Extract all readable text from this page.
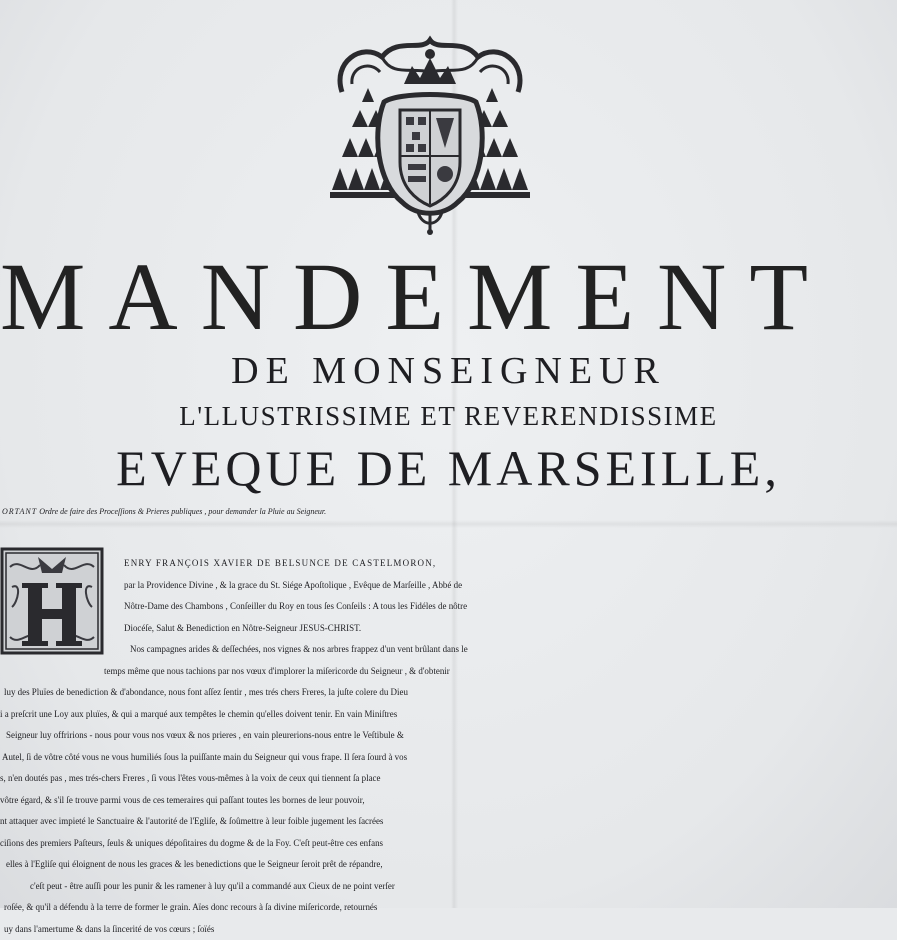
MANDEMENT
DE MONSEIGNEUR
L'LLUSTRISSIME ET REVERENDISSIME
EVEQUE DE MARSEILLE,
ORTANT Ordre de faire des Proceſſions & Prieres publiques , pour demander la Pluie au Seigneur.
ENRY FRANÇOIS XAVIER DE BELSUNCE DE CASTELMORON,
par la Providence Divine , & la grace du St. Siége Apoſtolique , Evêque de Marſeille , Abbé de
Nôtre-Dame des Chambons , Conſeiller du Roy en tous ſes Conſeils : A tous les Fidéles de nôtre
Diocéſe, Salut & Benediction en Nôtre-Seigneur JESUS-CHRIST.
Nos campagnes arides & deſſechées, nos vignes & nos arbres frappez d'un vent brûlant dans le
temps même que nous tachions par nos vœux d'implorer la miſericorde du Seigneur , & d'obtenir
luy des Pluïes de benediction & d'abondance, nous font aſſez ſentir , mes trés chers Freres, la juſte colere du Dieu
i a preſcrit une Loy aux pluïes, & qui a marqué aux tempêtes le chemin qu'elles doivent tenir. En vain Miniſtres
Seigneur luy offririons - nous pour vous nos vœux & nos prieres , en vain pleurerions-nous entre le Veſtibule &
Autel, ſi de vôtre côté vous ne vous humiliés ſous la puiſſante main du Seigneur qui vous frape. Il ſera ſourd à vos
s, n'en doutés pas , mes trés-chers Freres , ſi vous l'êtes vous-mêmes à la voix de ceux qui tiennent ſa place
vôtre égard, & s'il ſe trouve parmi vous de ces temeraires qui paſſant toutes les bornes de leur pouvoir,
nt attaquer avec impieté le Sanctuaire & l'autorité de l'Egliſe, & ſoûmettre à leur foible jugement les ſacrées
ciſions des premiers Paſteurs, ſeuls & uniques dépoſitaires du dogme & de la Foy. C'eſt peut-être ces enfans
elles à l'Egliſe qui éloignent de nous les graces & les benedictions que le Seigneur ſeroit prêt de répandre,
c'eſt peut - être auſſi pour les punir & les ramener à luy qu'il a commandé aux Cieux de ne point verſer
roſée, & qu'il a défendu à la terre de former le grain. Aïes donc recours à ſa divine miſericorde, retournés
uy dans l'amertume & dans la ſincerité de vos cœurs ; ſoïés
